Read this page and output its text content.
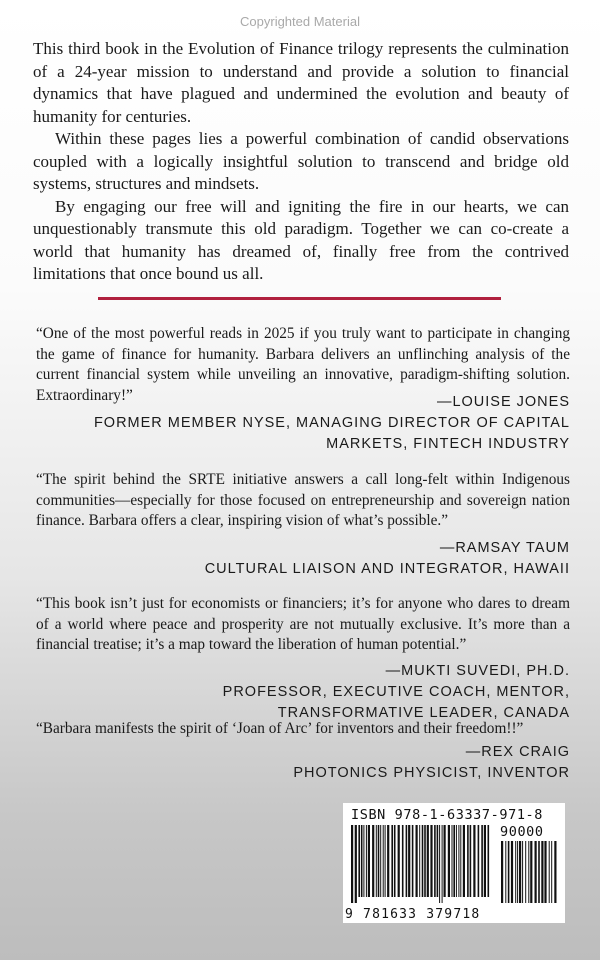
Copyrighted Material

This third book in the Evolution of Finance trilogy represents the culmination of a 24-year mission to understand and provide a solution to financial dynamics that have plagued and undermined the evolution and beauty of humanity for centuries.

Within these pages lies a powerful combination of candid observations coupled with a logically insightful solution to transcend and bridge old systems, structures and mindsets.

By engaging our free will and igniting the fire in our hearts, we can unquestionably transmute this old paradigm. Together we can co-create a world that humanity has dreamed of, finally free from the contrived limitations that once bound us all.

“One of the most powerful reads in 2025 if you truly want to participate in changing the game of finance for humanity. Barbara delivers an unflinching analysis of the current financial system while unveiling an innovative, paradigm-shifting solution. Extraordinary!”	—LOUISE JONES
FORMER MEMBER NYSE, MANAGING DIRECTOR OF CAPITAL
MARKETS, FINTECH INDUSTRY

“The spirit behind the SRTE initiative answers a call long-felt within Indigenous communities—especially for those focused on entrepreneurship and sovereign nation finance. Barbara offers a clear, inspiring vision of what’s possible.”

—RAMSAY TAUM
CULTURAL LIAISON AND INTEGRATOR, HAWAII

“This book isn’t just for economists or financiers; it’s for anyone who dares to dream of a world where peace and prosperity are not mutually exclusive. It’s more than a financial treatise; it’s a map toward the liberation of human potential.”

—MUKTI SUVEDI, PH.D.
PROFESSOR, EXECUTIVE COACH, MENTOR,
TRANSFORMATIVE LEADER, CANADA

“Barbara manifests the spirit of ‘Joan of Arc’ for inventors and their freedom!!”

—REX CRAIG
PHOTONICS PHYSICIST, INVENTOR
ISBN 978-1-63337-971-8
90000
9 781633 379718
